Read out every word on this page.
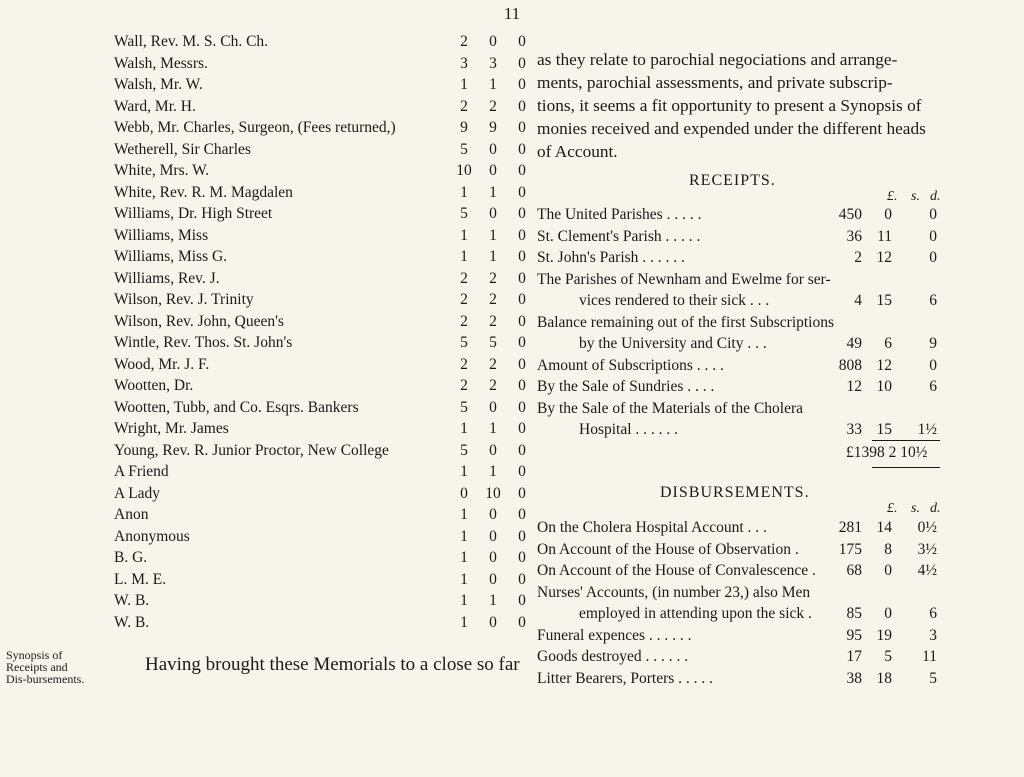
11
Wall, Rev. M. S. Ch. Ch.	2	0	0
Walsh, Messrs.	3	3	0
Walsh, Mr. W.	1	1	0
Ward, Mr. H.	2	2	0
Webb, Mr. Charles, Surgeon, (Fees returned,)	9	9	0
Wetherell, Sir Charles	5	0	0
White, Mrs. W.	10	0	0
White, Rev. R. M. Magdalen	1	1	0
Williams, Dr. High Street	5	0	0
Williams, Miss	1	1	0
Williams, Miss G.	1	1	0
Williams, Rev. J.	2	2	0
Wilson, Rev. J. Trinity	2	2	0
Wilson, Rev. John, Queen's	2	2	0
Wintle, Rev. Thos. St. John's	5	5	0
Wood, Mr. J. F.	2	2	0
Wootten, Dr.	2	2	0
Wootten, Tubb, and Co. Esqrs. Bankers	5	0	0
Wright, Mr. James	1	1	0
Young, Rev. R. Junior Proctor, New College	5	0	0
A Friend	1	1	0
A Lady	0	10	0
Anon	1	0	0
Anonymous	1	0	0
B. G.	1	0	0
L. M. E.	1	0	0
W. B.	1	1	0
W. B.	1	0	0
Synopsis of Receipts and Dis-bursements.
Having brought these Memorials to a close so far
as they relate to parochial negociations and arrange-
ments, parochial assessments, and private subscrip-
tions, it seems a fit opportunity to present a Synopsis of
monies received and expended under the different heads
of Account.
RECEIPTS.
£. s. d.
The United Parishes . . . . .	450 0	0
St. Clement's Parish . . . . .	36 11	0
St. John's Parish . . . . . .	2 12	0
The Parishes of Newnham and Ewelme for ser-
vices rendered to their sick . . .	4 15	6
Balance remaining out of the first Subscriptions
by the University and City . . .	49 6	9
Amount of Subscriptions . . . .	808 12	0
By the Sale of Sundries . . . .	12 10	6
By the Sale of the Materials of the Cholera
Hospital . . . . . .	33 15 1½
£1398 2 10½
DISBURSEMENTS.
£. s. d.
On the Cholera Hospital Account . . .	281 14 0½
On Account of the House of Observation .	175 8 3½
On Account of the House of Convalescence . 68 0 4½
Nurses' Accounts, (in number 23,) also Men
employed in attending upon the sick . 85 0	6
Funeral expences . . . . . .	95 19	3
Goods destroyed . . . . . .	17 5	11
Litter Bearers, Porters . . . . .	38 18	5
